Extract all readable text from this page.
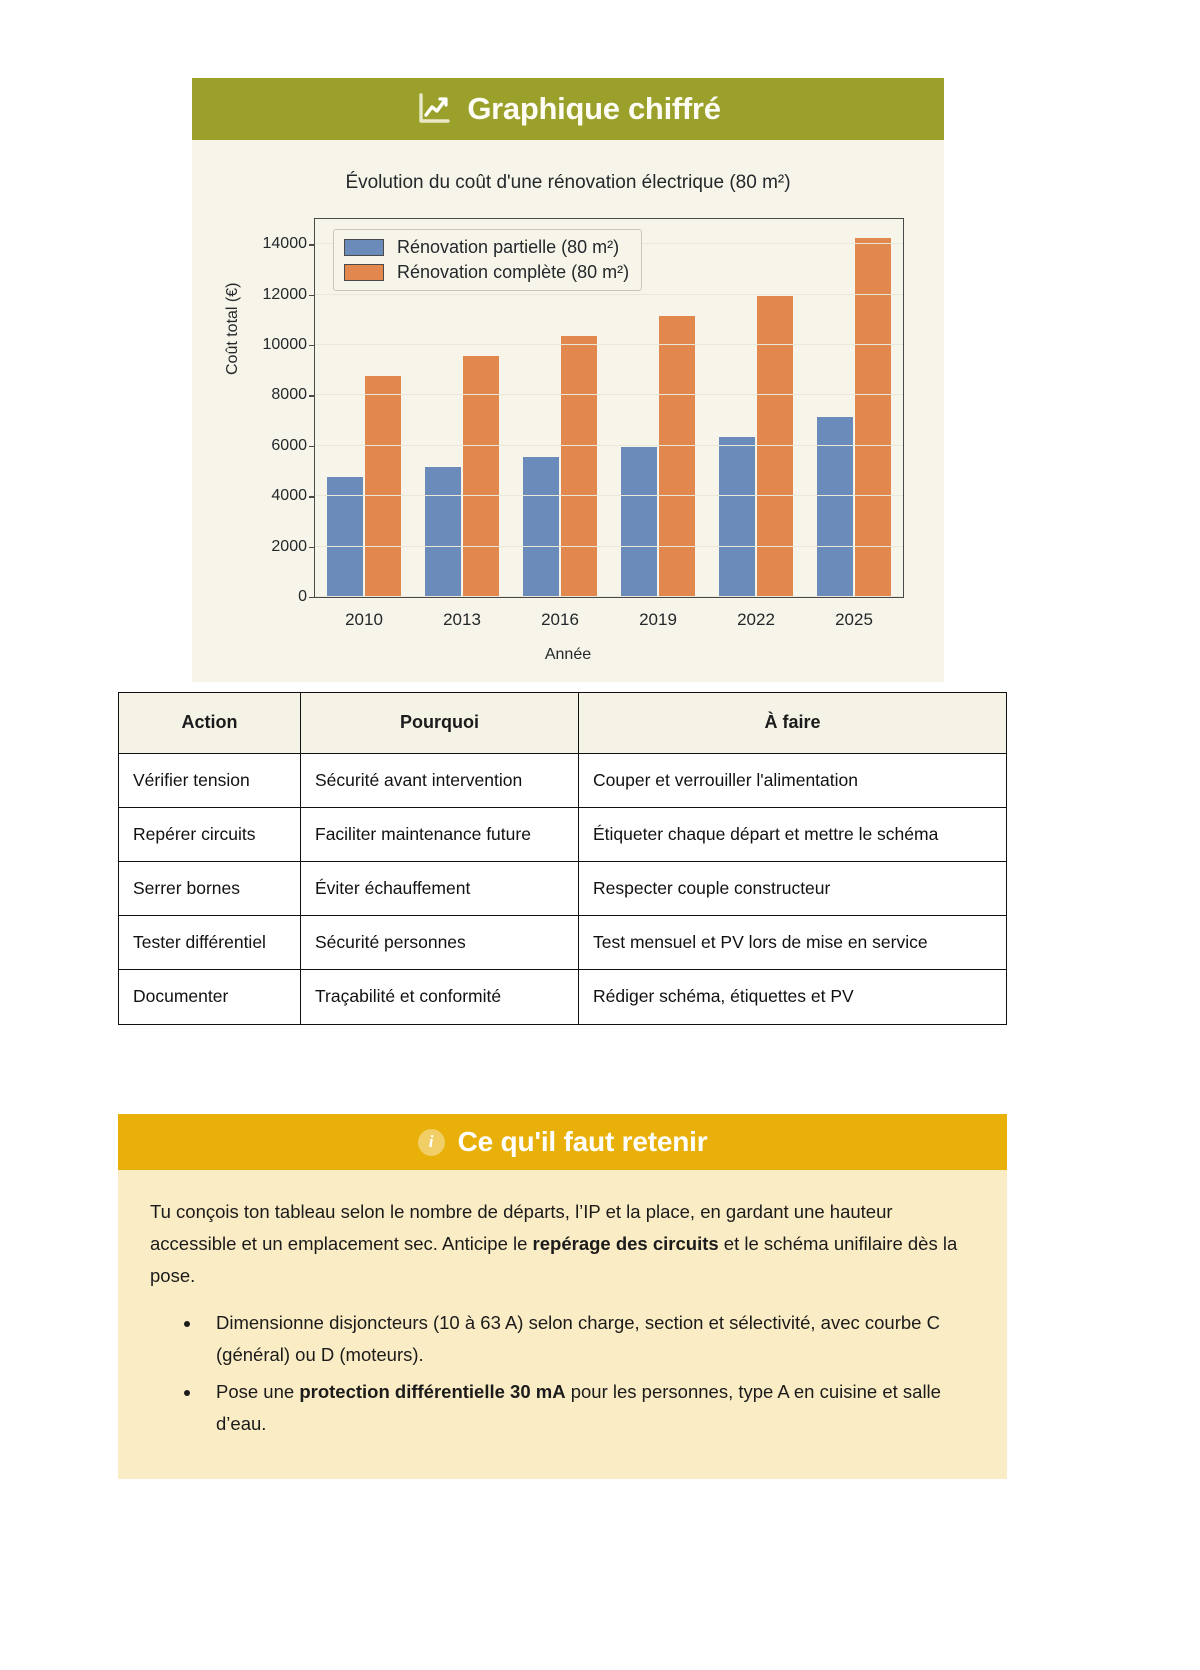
Graphique chiffré
Évolution du coût d'une rénovation électrique (80 m²)
Coût total (€)
2010	2013	2016	2019	2022	2025
Rénovation partielle (80 m²)
Rénovation complète (80 m²)
0
2000
4000
6000
8000
10000
12000
14000
Année
Action	Pourquoi	À faire
Vérifier tension	Sécurité avant intervention	Couper et verrouiller l'alimentation
Repérer circuits	Faciliter maintenance future	Étiqueter chaque départ et mettre le schéma
Serrer bornes	Éviter échauffement	Respecter couple constructeur
Tester différentiel	Sécurité personnes	Test mensuel et PV lors de mise en service
Documenter	Traçabilité et conformité	Rédiger schéma, étiquettes et PV
i Ce qu'il faut retenir

Tu conçois ton tableau selon le nombre de départs, l’IP et la place, en gardant une hauteur accessible et un emplacement sec. Anticipe le repérage des circuits et le schéma unifilaire dès la pose.

• Dimensionne disjoncteurs (10 à 63 A) selon charge, section et sélectivité, avec courbe C (général) ou D (moteurs).
• Pose une protection différentielle 30 mA pour les personnes, type A en cuisine et salle d’eau.
